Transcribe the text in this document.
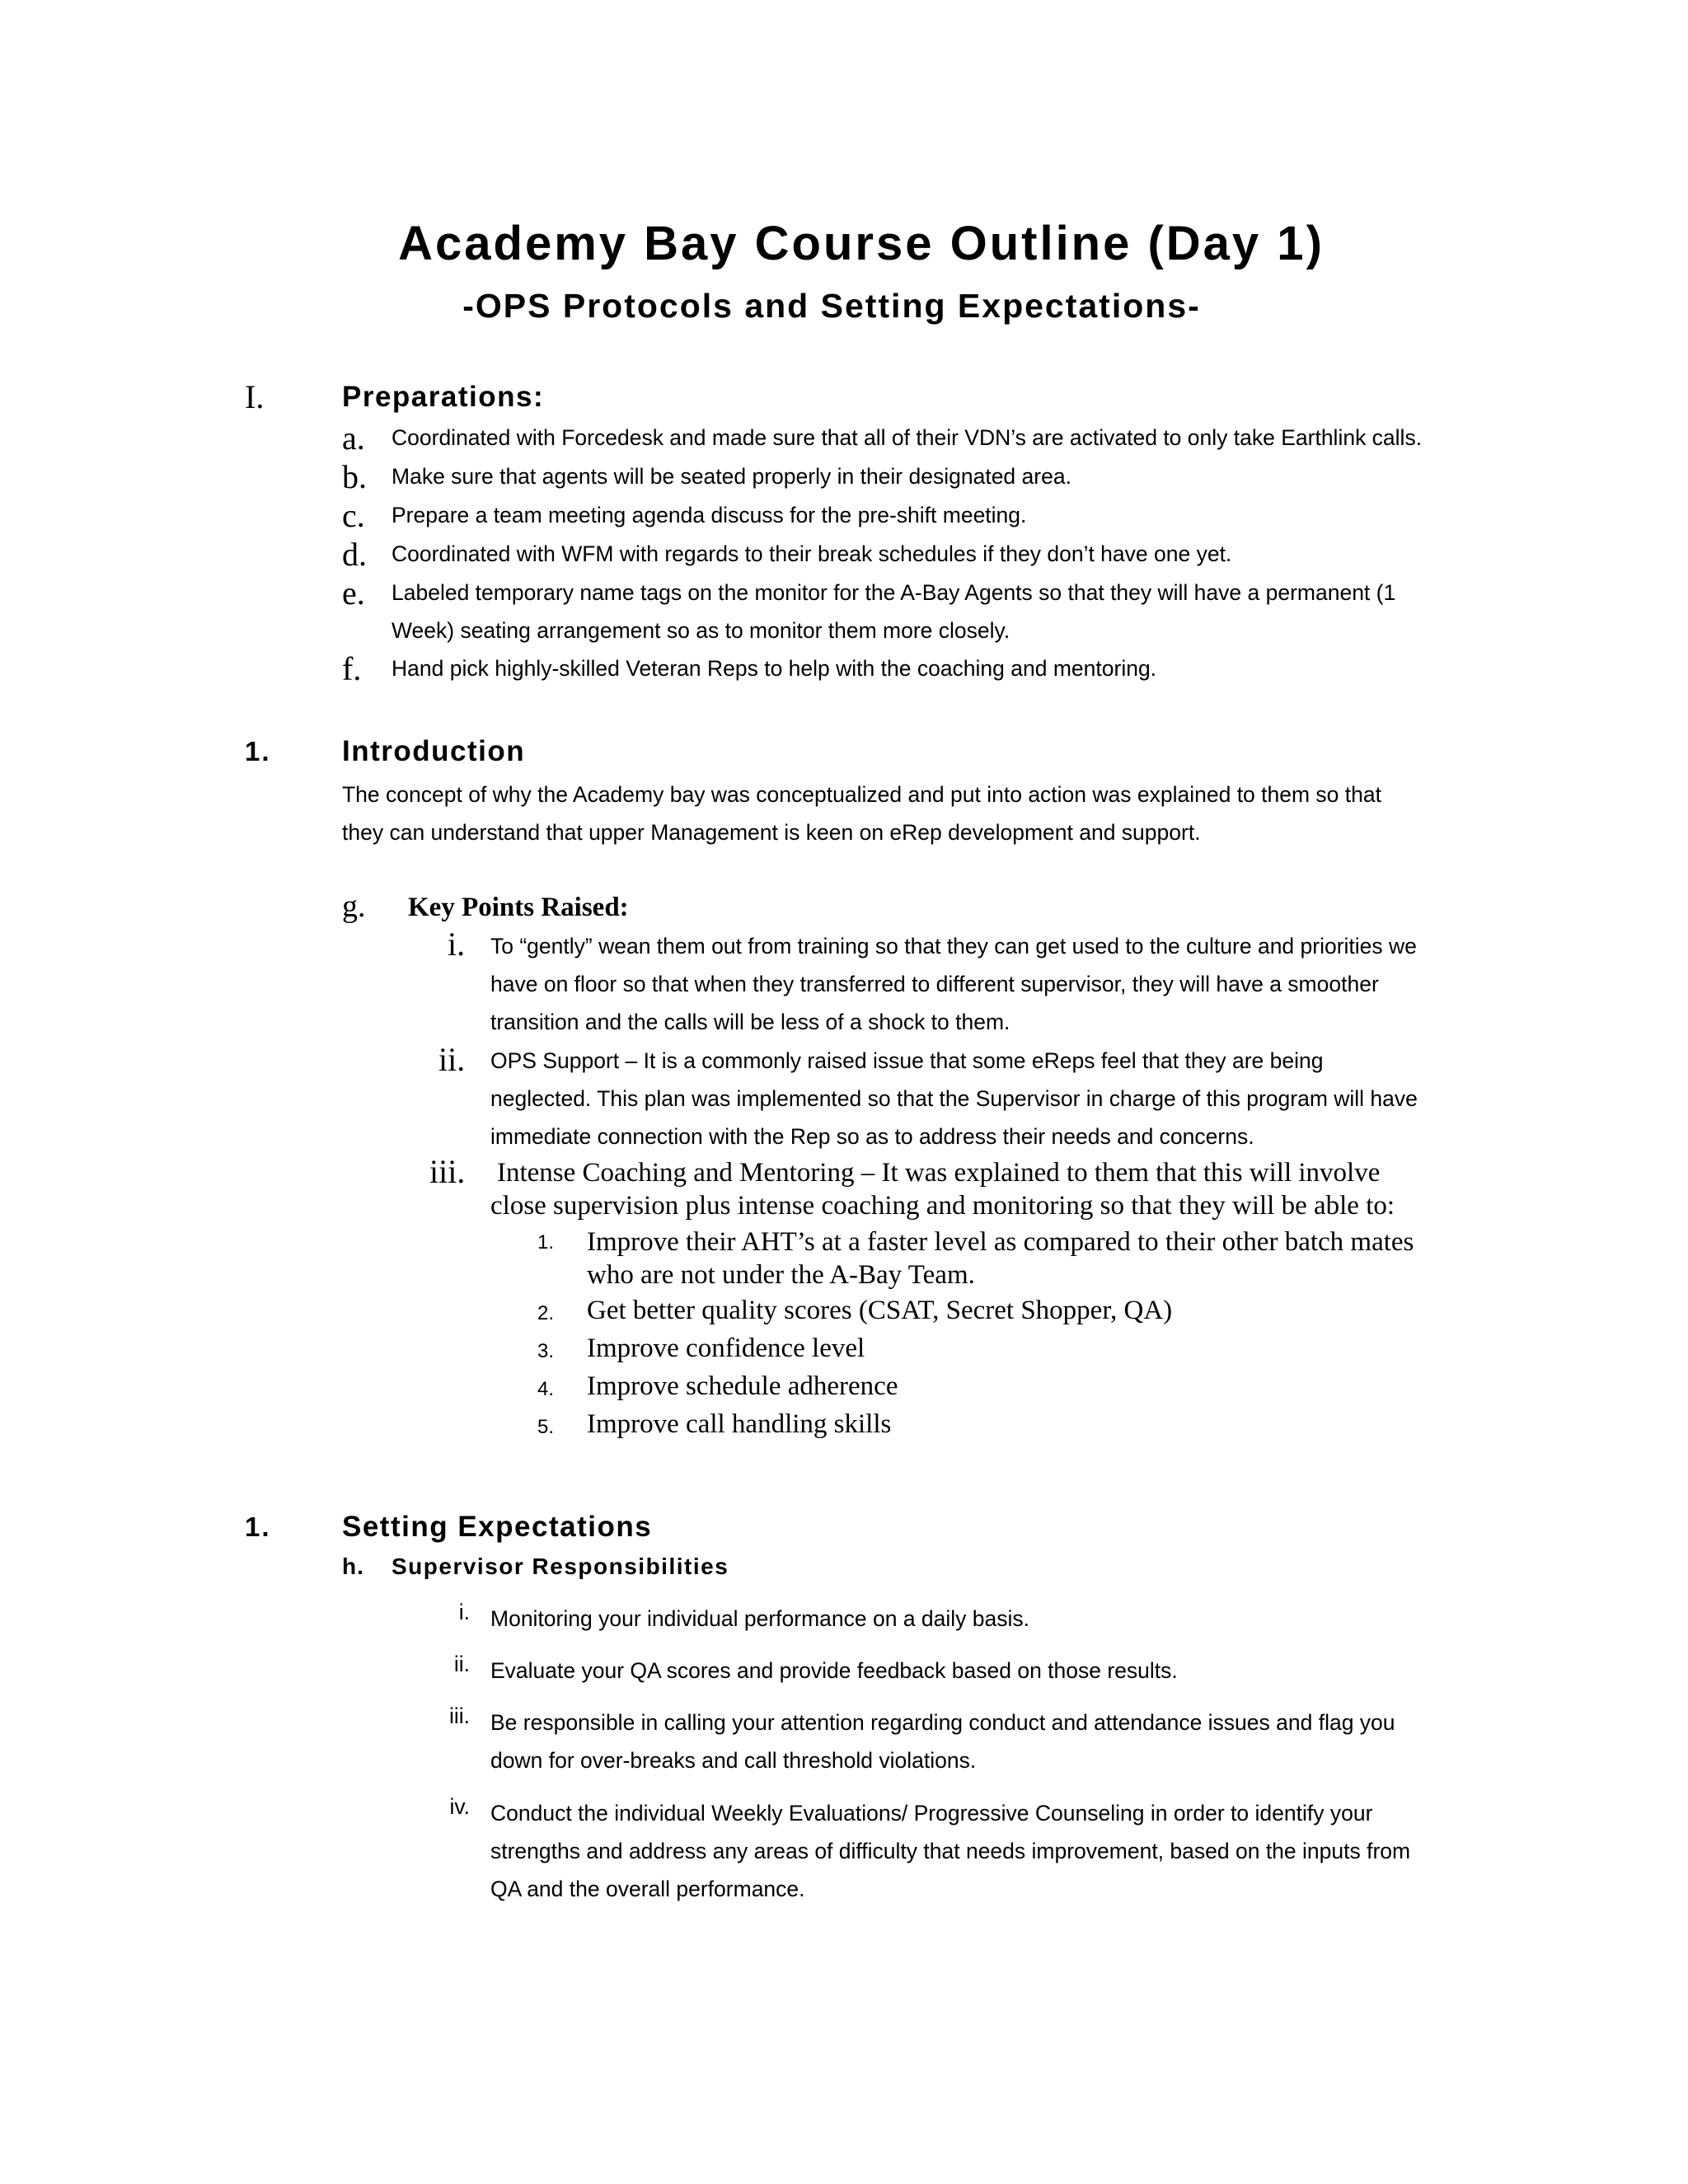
Academy Bay Course Outline (Day 1)
-OPS Protocols and Setting Expectations-
I.	Preparations:
a. Coordinated with Forcedesk and made sure that all of their VDN’s are activated to only take Earthlink calls.
b. Make sure that agents will be seated properly in their designated area.
c. Prepare a team meeting agenda discuss for the pre-shift meeting.
d. Coordinated with WFM with regards to their break schedules if they don’t have one yet.
e. Labeled temporary name tags on the monitor for the A-Bay Agents so that they will have a permanent (1
Week) seating arrangement so as to monitor them more closely.
f. Hand pick highly-skilled Veteran Reps to help with the coaching and mentoring.
1. Introduction
The concept of why the Academy bay was conceptualized and put into action was explained to them so that they can understand that upper Management is keen on eRep development and support.
g. Key Points Raised:
i. To “gently” wean them out from training so that they can get used to the culture and priorities we have on floor so that when they transferred to different supervisor, they will have a smoother transition and the calls will be less of a shock to them.
ii. OPS Support – It is a commonly raised issue that some eReps feel that they are being neglected. This plan was implemented so that the Supervisor in charge of this program will have immediate connection with the Rep so as to address their needs and concerns.
iii. Intense Coaching and Mentoring – It was explained to them that this will involve close supervision plus intense coaching and monitoring so that they will be able to:
1. Improve their AHT’s at a faster level as compared to their other batch mates who are not under the A-Bay Team.
2. Get better quality scores (CSAT, Secret Shopper, QA)
3. Improve confidence level
4. Improve schedule adherence
5. Improve call handling skills
1. Setting Expectations
h. Supervisor Responsibilities
i. Monitoring your individual performance on a daily basis.
ii. Evaluate your QA scores and provide feedback based on those results.
iii. Be responsible in calling your attention regarding conduct and attendance issues and flag you down for over-breaks and call threshold violations.
iv. Conduct the individual Weekly Evaluations/ Progressive Counseling in order to identify your strengths and address any areas of difficulty that needs improvement, based on the inputs from QA and the overall performance.
